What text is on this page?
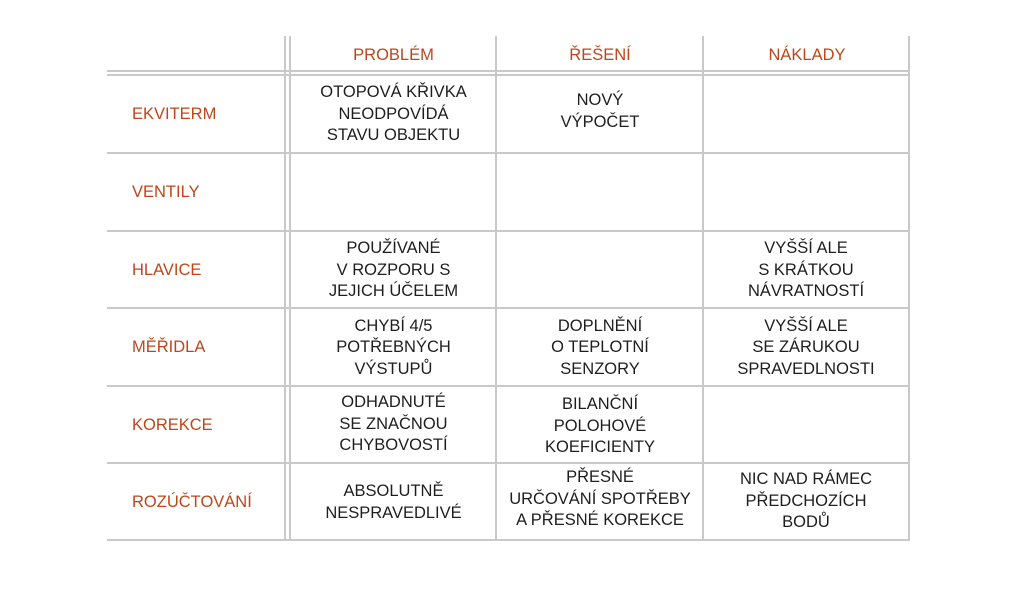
PROBLÉM	ŘEŠENÍ	NÁKLADY
EKVITERM
OTOPOVÁ KŘIVKA
NEODPOVÍDÁ
STAVU OBJEKTU
NOVÝ
VÝPOČET
VENTILY
HLAVICE
POUŽÍVANÉ
V ROZPORU S
JEJICH ÚČELEM
VYŠŠÍ ALE
S KRÁTKOU
NÁVRATNOSTÍ
MĚŘIDLA
CHYBÍ 4/5
POTŘEBNÝCH
VÝSTUPŮ
DOPLNĚNÍ
O TEPLOTNÍ
SENZORY
VYŠŠÍ ALE
SE ZÁRUKOU
SPRAVEDLNOSTI
KOREKCE
ODHADNUTÉ
SE ZNAČNOU
CHYBOVOSTÍ
BILANČNÍ
POLOHOVÉ
KOEFICIENTY
ROZÚČTOVÁNÍ
ABSOLUTNĚ
NESPRAVEDLIVÉ
PŘESNÉ
URČOVÁNÍ SPOTŘEBY
A PŘESNÉ KOREKCE
NIC NAD RÁMEC
PŘEDCHOZÍCH
BODŮ
